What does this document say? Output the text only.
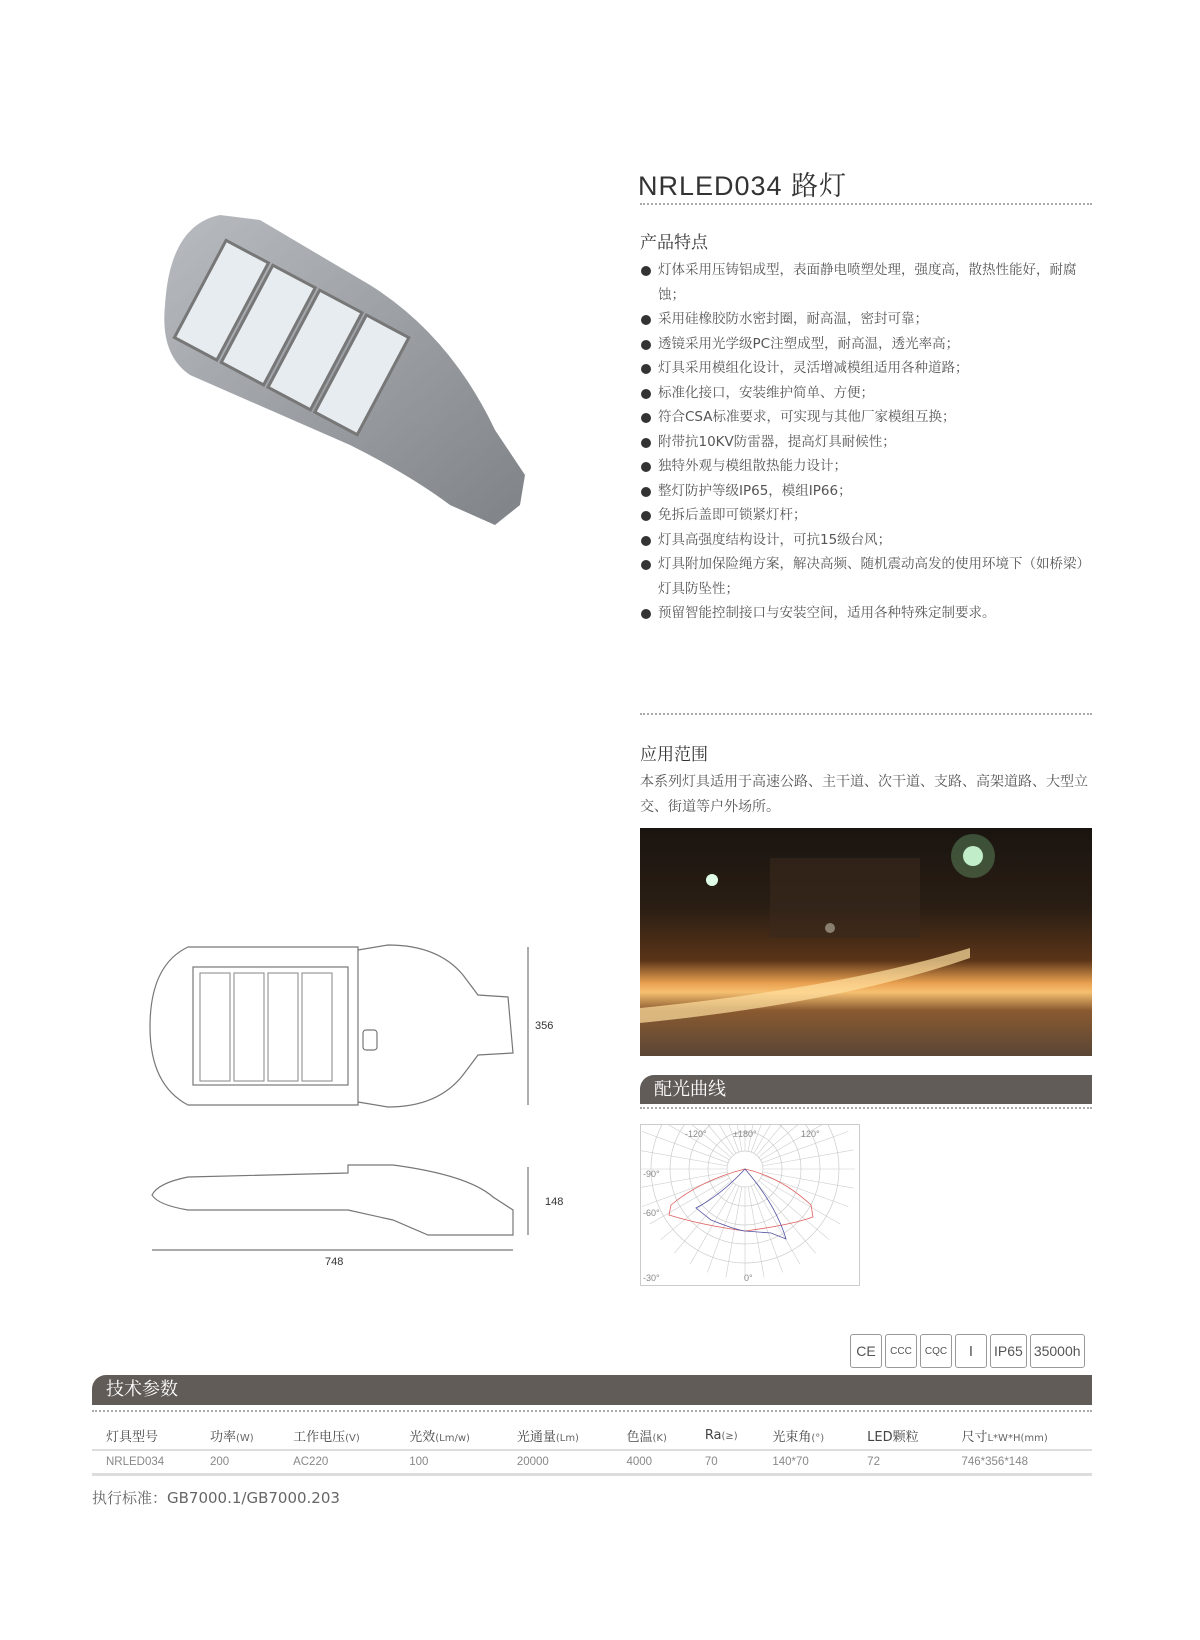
NRLED034 路灯
产品特点
灯体采用压铸铝成型，表面静电喷塑处理，强度高，散热性能好，耐腐蚀；
采用硅橡胶防水密封圈，耐高温，密封可靠；
透镜采用光学级PC注塑成型，耐高温，透光率高；
灯具采用模组化设计，灵活增减模组适用各种道路；
标准化接口，安装维护简单、方便；
符合CSA标准要求，可实现与其他厂家模组互换；
附带抗10KV防雷器，提高灯具耐候性；
独特外观与模组散热能力设计；
整灯防护等级IP65，模组IP66；
免拆后盖即可锁紧灯杆；
灯具高强度结构设计，可抗15级台风；
灯具附加保险绳方案，解决高频、随机震动高发的使用环境下（如桥梁）灯具防坠性；
预留智能控制接口与安装空间，适用各种特殊定制要求。
应用范围
本系列灯具适用于高速公路、主干道、次干道、支路、高架道路、大型立交、街道等户外场所。
配光曲线
-120°	±180°	120°
-90°
-60°
-30°	0°
356
148
748
CE	CCC	CQC	Ⅰ	IP65 35000h
技术参数
灯具型号	功率(W)	工作电压(V)	光效(Lm/w)	光通量(Lm)	色温(K)	Ra(≥)	光束角(°)	LED颗粒	尺寸L*W*H(mm)
NRLED034	200	AC220	100	20000	4000	70	140*70	72	746*356*148
执行标准：GB7000.1/GB7000.203
